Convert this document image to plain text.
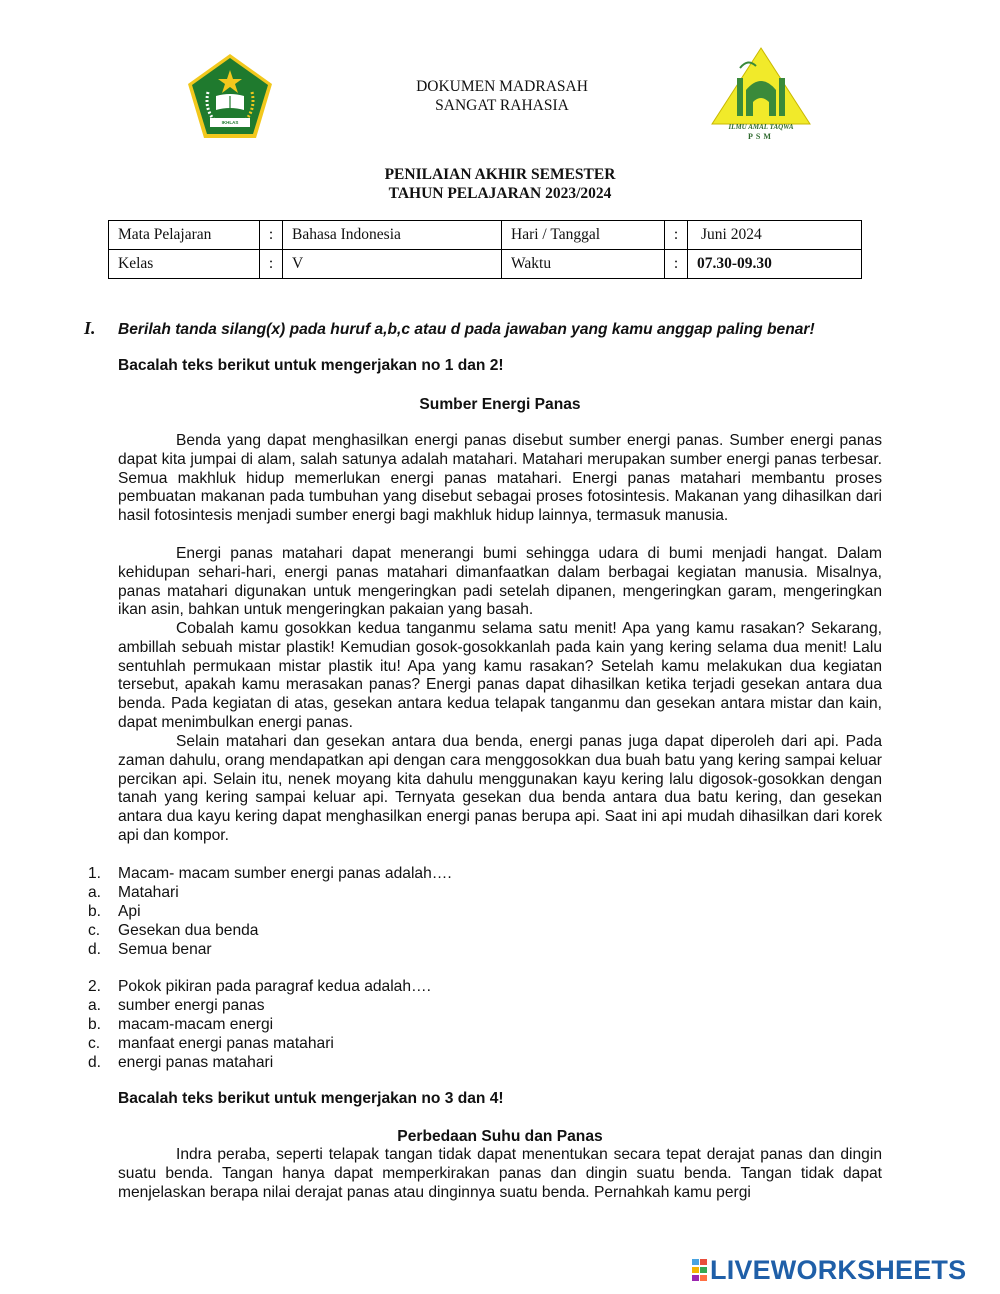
IKHLAS BERAMAL
DOKUMEN MADRASAH
SANGAT RAHASIA
ILMU AMAL TAQWA
PSM
PENILAIAN AKHIR SEMESTER
TAHUN PELAJARAN 2023/2024
Mata Pelajaran	:	Bahasa Indonesia	Hari / Tanggal	:	Juni 2024
Kelas	:	V	Waktu	:	07.30-09.30
I. Berilah tanda silang(x) pada huruf a,b,c atau d pada jawaban yang kamu anggap paling benar!
Bacalah teks berikut untuk mengerjakan no 1 dan 2!
Sumber Energi Panas
Benda yang dapat menghasilkan energi panas disebut sumber energi panas. Sumber energi panas dapat kita jumpai di alam, salah satunya adalah matahari. Matahari merupakan sumber energi panas terbesar. Semua makhluk hidup memerlukan energi panas matahari. Energi panas matahari membantu proses pembuatan makanan pada tumbuhan yang disebut sebagai proses fotosintesis. Makanan yang dihasilkan dari hasil fotosintesis menjadi sumber energi bagi makhluk hidup lainnya, termasuk manusia.
Energi panas matahari dapat menerangi bumi sehingga udara di bumi menjadi hangat. Dalam kehidupan sehari-hari, energi panas matahari dimanfaatkan dalam berbagai kegiatan manusia. Misalnya, panas matahari digunakan untuk mengeringkan padi setelah dipanen, mengeringkan garam, mengeringkan ikan asin, bahkan untuk mengeringkan pakaian yang basah.
Cobalah kamu gosokkan kedua tanganmu selama satu menit! Apa yang kamu rasakan? Sekarang, ambillah sebuah mistar plastik! Kemudian gosok-gosokkanlah pada kain yang kering selama dua menit! Lalu sentuhlah permukaan mistar plastik itu! Apa yang kamu rasakan? Setelah kamu melakukan dua kegiatan tersebut, apakah kamu merasakan panas? Energi panas dapat dihasilkan ketika terjadi gesekan antara dua benda. Pada kegiatan di atas, gesekan antara kedua telapak tanganmu dan gesekan antara mistar dan kain, dapat menimbulkan energi panas.
Selain matahari dan gesekan antara dua benda, energi panas juga dapat diperoleh dari api. Pada zaman dahulu, orang mendapatkan api dengan cara menggosokkan dua buah batu yang kering sampai keluar percikan api. Selain itu, nenek moyang kita dahulu menggunakan kayu kering lalu digosok-gosokkan dengan tanah yang kering sampai keluar api. Ternyata gesekan dua benda antara dua batu kering, dan gesekan antara dua kayu kering dapat menghasilkan energi panas berupa api. Saat ini api mudah dihasilkan dari korek api dan kompor.
1. Macam- macam sumber energi panas adalah….
a. Matahari
b. Api
c. Gesekan dua benda
d. Semua benar
2. Pokok pikiran pada paragraf kedua adalah….
a. sumber energi panas
b. macam-macam energi
c. manfaat energi panas matahari
d. energi panas matahari
Bacalah teks berikut untuk mengerjakan no 3 dan 4!
Perbedaan Suhu dan Panas
Indra peraba, seperti telapak tangan tidak dapat menentukan secara tepat derajat panas dan dingin suatu benda. Tangan hanya dapat memperkirakan panas dan dingin suatu benda. Tangan tidak dapat menjelaskan berapa nilai derajat panas atau dinginnya suatu benda. Pernahkah kamu pergi
LIVEWORKSHEETS
